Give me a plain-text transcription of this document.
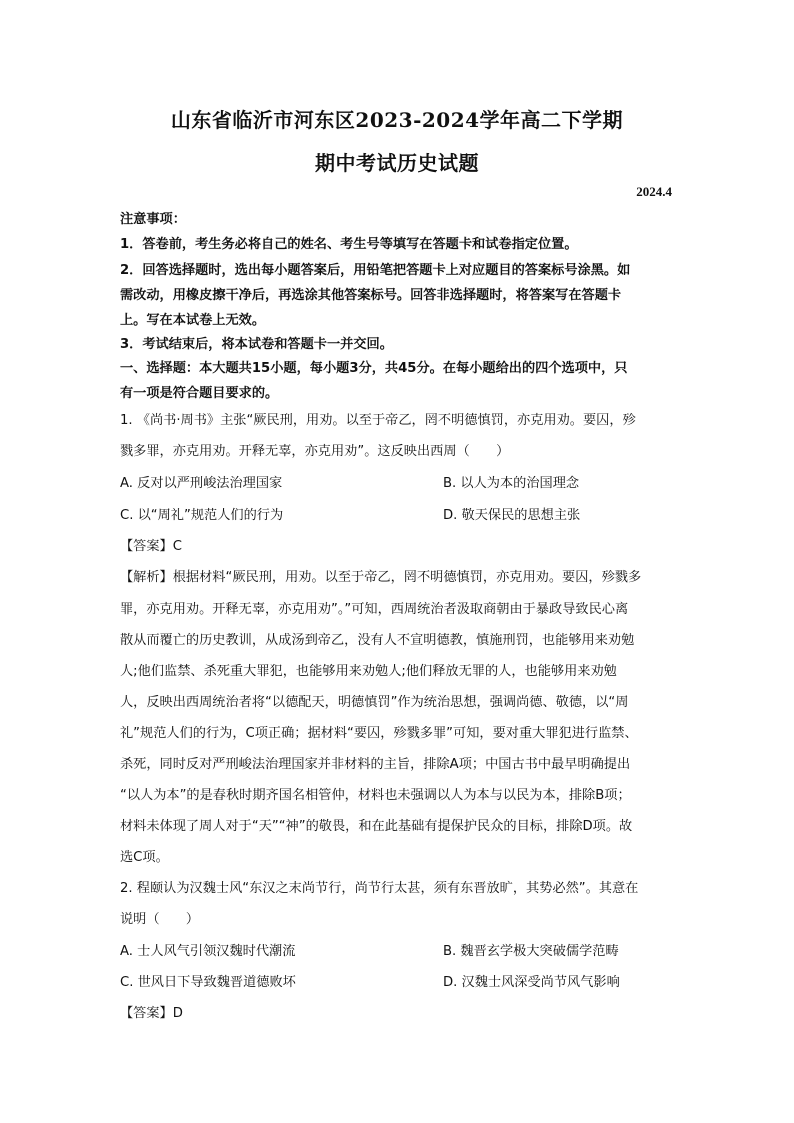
山东省临沂市河东区2023-2024学年高二下学期
期中考试历史试题
2024.4
注意事项：
1．答卷前，考生务必将自己的姓名、考生号等填写在答题卡和试卷指定位置。
2．回答选择题时，选出每小题答案后，用铅笔把答题卡上对应题目的答案标号涂黑。如
需改动，用橡皮擦干净后，再选涂其他答案标号。回答非选择题时，将答案写在答题卡
上。写在本试卷上无效。
3．考试结束后，将本试卷和答题卡一并交回。
一、选择题：本大题共15小题，每小题3分，共45分。在每小题给出的四个选项中，只
有一项是符合题目要求的。
1. 《尚书·周书》主张“厥民刑，用劝。以至于帝乙，罔不明德慎罚，亦克用劝。要囚，殄
戮多罪，亦克用劝。开释无辜，亦克用劝”。这反映出西周（　　）
A. 反对以严刑峻法治理国家	B. 以人为本的治国理念
C. 以“周礼”规范人们的行为	D. 敬天保民的思想主张
【答案】C
【解析】根据材料“厥民刑，用劝。以至于帝乙，罔不明德慎罚，亦克用劝。要囚，殄戮多
罪，亦克用劝。开释无辜，亦克用劝”。”可知，西周统治者汲取商朝由于暴政导致民心离
散从而覆亡的历史教训，从成汤到帝乙，没有人不宣明德教，慎施刑罚，也能够用来劝勉
人;他们监禁、杀死重大罪犯，也能够用来劝勉人;他们释放无罪的人，也能够用来劝勉
人，反映出西周统治者将“以德配天，明德慎罚”作为统治思想，强调尚德、敬德，以“周
礼”规范人们的行为，C项正确；据材料“要囚，殄戮多罪”可知，要对重大罪犯进行监禁、
杀死，同时反对严刑峻法治理国家并非材料的主旨，排除A项；中国古书中最早明确提出
“以人为本”的是春秋时期齐国名相管仲，材料也未强调以人为本与以民为本，排除B项；
材料未体现了周人对于“天”“神”的敬畏，和在此基础有提保护民众的目标，排除D项。故
选C项。
2. 程颐认为汉魏士风“东汉之末尚节行，尚节行太甚，须有东晋放旷，其势必然”。其意在
说明（　　）
A. 士人风气引领汉魏时代潮流	B. 魏晋玄学极大突破儒学范畴
C. 世风日下导致魏晋道德败坏	D. 汉魏士风深受尚节风气影响
【答案】D
